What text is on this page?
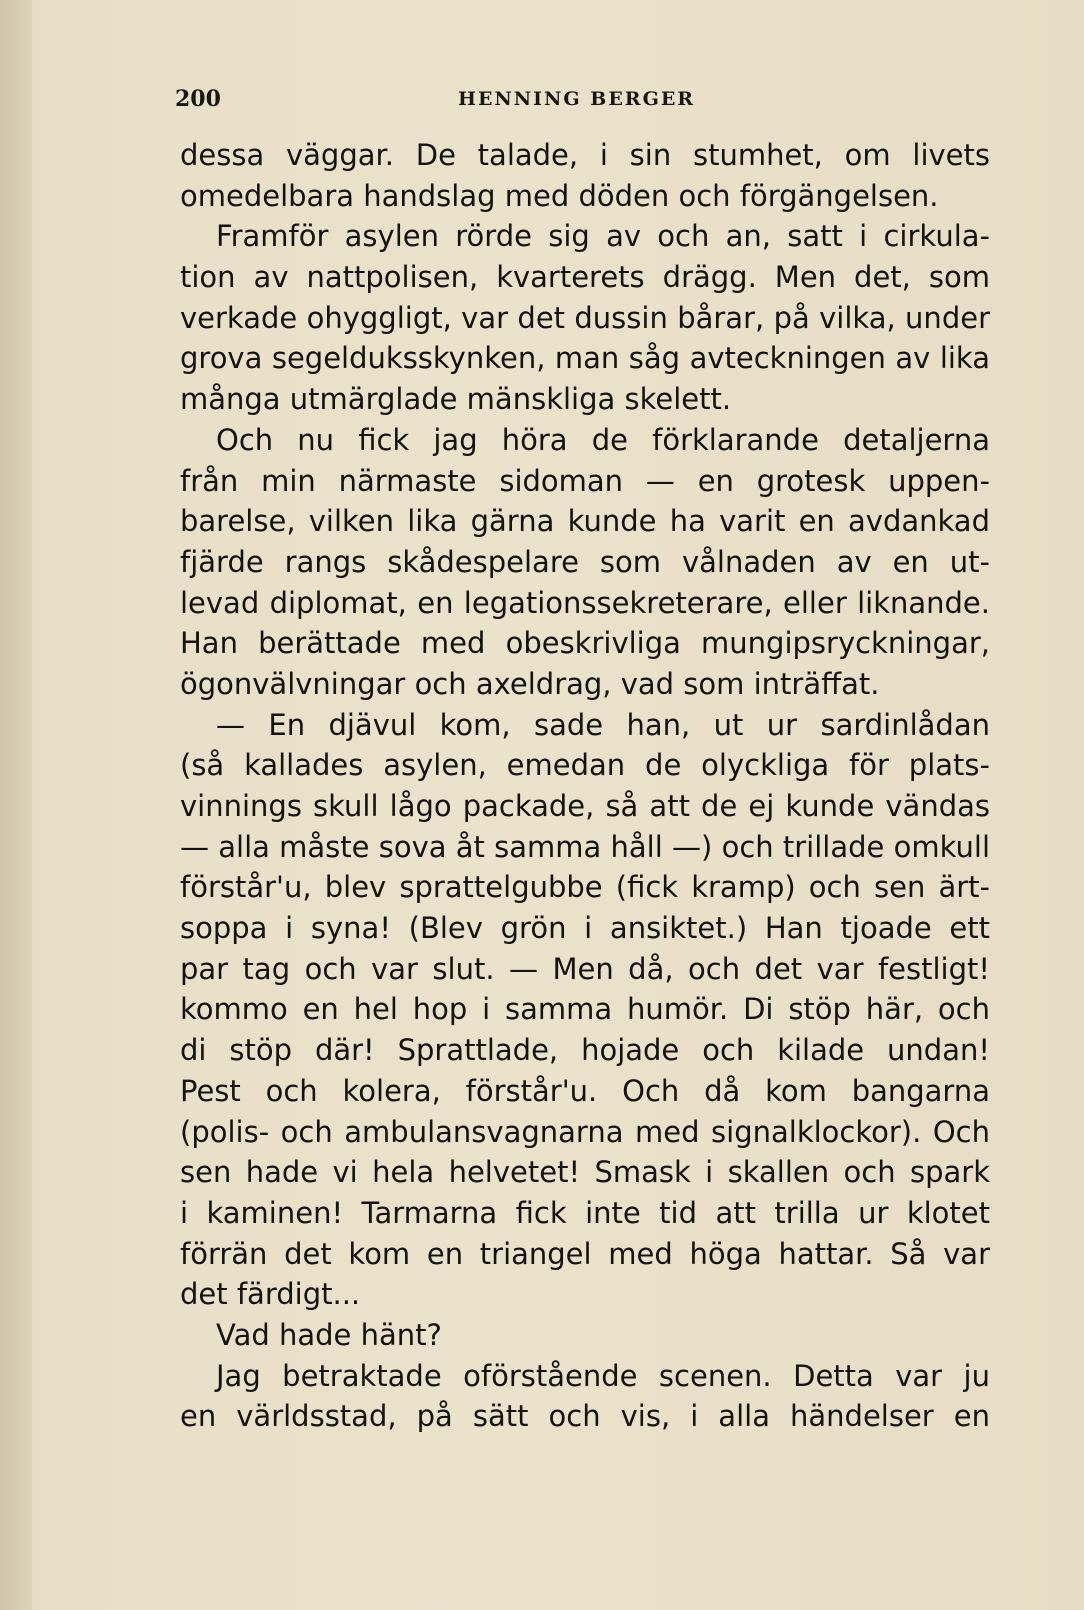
200	HENNING BERGER
dessa väggar. De talade, i sin stumhet, om livets
omedelbara handslag med döden och förgängelsen.
Framför asylen rörde sig av och an, satt i cirkula-
tion av nattpolisen, kvarterets drägg. Men det, som
verkade ohyggligt, var det dussin bårar, på vilka, under
grova segelduksskynken, man såg avteckningen av lika
många utmärglade mänskliga skelett.
Och nu fick jag höra de förklarande detaljerna
från min närmaste sidoman — en grotesk uppen-
barelse, vilken lika gärna kunde ha varit en avdankad
fjärde rangs skådespelare som vålnaden av en ut-
levad diplomat, en legationssekreterare, eller liknande.
Han berättade med obeskrivliga mungipsryckningar,
ögonvälvningar och axeldrag, vad som inträffat.
— En djävul kom, sade han, ut ur sardinlådan
(så kallades asylen, emedan de olyckliga för plats-
vinnings skull lågo packade, så att de ej kunde vändas
— alla måste sova åt samma håll —) och trillade omkull
förstår'u, blev sprattelgubbe (fick kramp) och sen ärt-
soppa i syna! (Blev grön i ansiktet.) Han tjoade ett
par tag och var slut. — Men då, och det var festligt!
kommo en hel hop i samma humör. Di stöp här, och
di stöp där! Sprattlade, hojade och kilade undan!
Pest och kolera, förstår'u. Och då kom bangarna
(polis- och ambulansvagnarna med signalklockor). Och
sen hade vi hela helvetet! Smask i skallen och spark
i kaminen! Tarmarna fick inte tid att trilla ur klotet
förrän det kom en triangel med höga hattar. Så var
det färdigt...
Vad hade hänt?
Jag betraktade oförstående scenen. Detta var ju
en världsstad, på sätt och vis, i alla händelser en
